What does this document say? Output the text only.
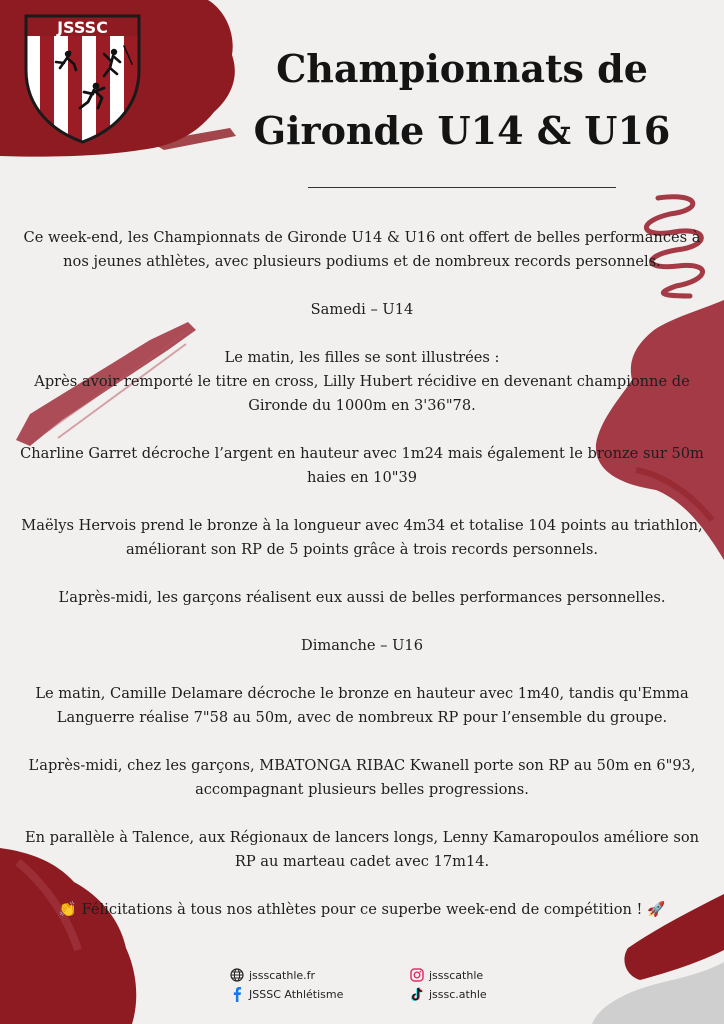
JSSSC
Championnats de
Gironde U14 & U16

Ce week-end, les Championnats de Gironde U14 & U16 ont offert de belles performances à nos jeunes athlètes, avec plusieurs podiums et de nombreux records personnels.

Samedi – U14

Le matin, les filles se sont illustrées :
Après avoir remporté le titre en cross, Lilly Hubert récidive en devenant championne de Gironde du 1000m en 3'36"78.

Charline Garret décroche l’argent en hauteur avec 1m24 mais également le bronze sur 50m haies en 10"39

Maëlys Hervois prend le bronze à la longueur avec 4m34 et totalise 104 points au triathlon, améliorant son RP de 5 points grâce à trois records personnels.

L’après-midi, les garçons réalisent eux aussi de belles performances personnelles.

Dimanche – U16

Le matin, Camille Delamare décroche le bronze en hauteur avec 1m40, tandis qu'Emma Languerre réalise 7"58 au 50m, avec de nombreux RP pour l’ensemble du groupe.

L’après-midi, chez les garçons, MBATONGA RIBAC Kwanell porte son RP au 50m en 6"93, accompagnant plusieurs belles progressions.

En parallèle à Talence, aux Régionaux de lancers longs, Lenny Kamaropoulos améliore son RP au marteau cadet avec 17m14.

👏 Félicitations à tous nos athlètes pour ce superbe week-end de compétition ! 🚀

jssscathle.fr
JSSSC Athlétisme
jssscathle
jsssc.athle
